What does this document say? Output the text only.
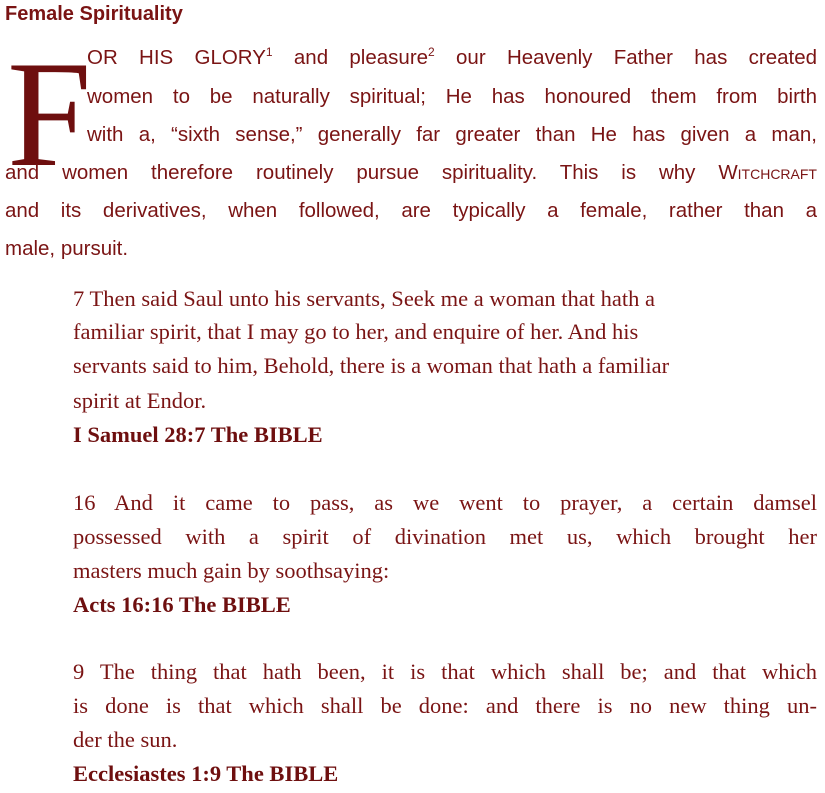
Female Spirituality
F
OR HIS GLORY$^1$ and pleasure$^2$ our Heavenly Father has created
women to be naturally spiritual; He has honoured them from birth
with a, “sixth sense,” generally far greater than He has given a man,
and women therefore routinely pursue spirituality. This is why Witchcraft
and its derivatives, when followed, are typically a female, rather than a
male, pursuit.
7 Then said Saul unto his servants, Seek me a woman that hath a
familiar spirit, that I may go to her, and enquire of her. And his
servants said to him, Behold, there is a woman that hath a familiar
spirit at Endor.
I Samuel 28:7 The BIBLE
16 And it came to pass, as we went to prayer, a certain damsel
possessed with a spirit of divination met us, which brought her
masters much gain by soothsaying:
Acts 16:16 The BIBLE
9 The thing that hath been, it is that which shall be; and that which
is done is that which shall be done: and there is no new thing un-
der the sun.
Ecclesiastes 1:9 The BIBLE
